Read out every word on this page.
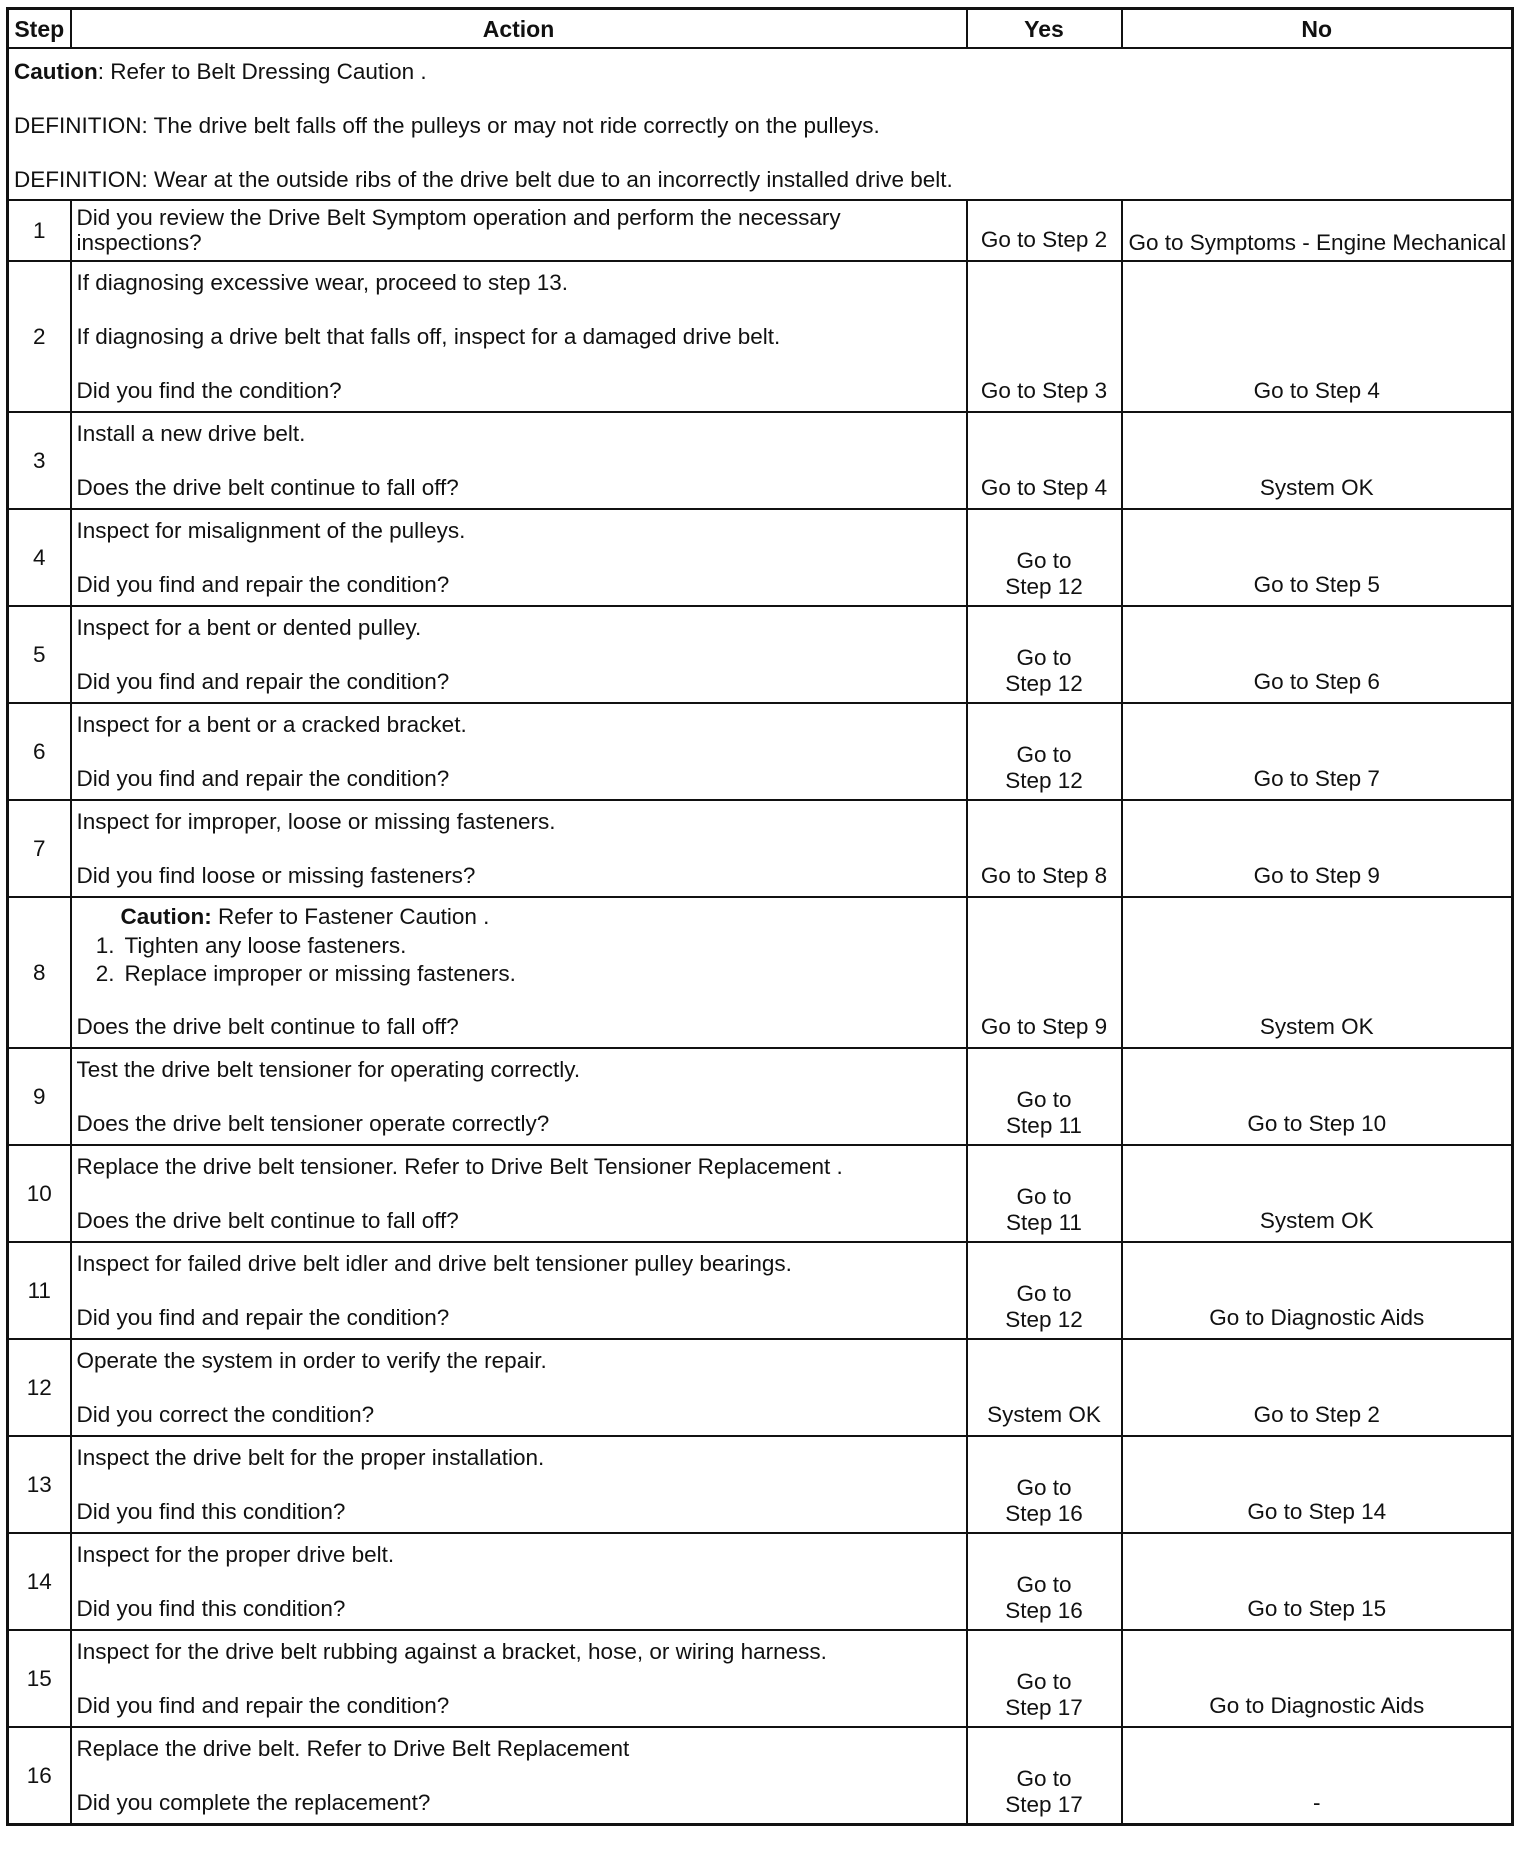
Step	Action	Yes	No

Caution: Refer to Belt Dressing Caution .

DEFINITION: The drive belt falls off the pulleys or may not ride correctly on the pulleys.

DEFINITION: Wear at the outside ribs of the drive belt due to an incorrectly installed drive belt.			

1	Did you review the Drive Belt Symptom operation and perform the necessary inspections?	Go to Step 2	Go to Symptoms - Engine Mechanical
2	If diagnosing excessive wear, proceed to step 13.
If diagnosing a drive belt that falls off, inspect for a damaged drive belt.
Did you find the condition?	Go to Step 3	Go to Step 4
3	Install a new drive belt.
Does the drive belt continue to fall off?	Go to Step 4	System OK
4	Inspect for misalignment of the pulleys.
Did you find and repair the condition?	Go to Step 12	Go to Step 5
5	Inspect for a bent or dented pulley.
Did you find and repair the condition?	Go to Step 12	Go to Step 6
6	Inspect for a bent or a cracked bracket.
Did you find and repair the condition?	Go to Step 12	Go to Step 7
7	Inspect for improper, loose or missing fasteners.
Did you find loose or missing fasteners?	Go to Step 8	Go to Step 9
8	Caution: Refer to Fastener Caution .
1. Tighten any loose fasteners.
2. Replace improper or missing fasteners.
Does the drive belt continue to fall off?	Go to Step 9	System OK
9	Test the drive belt tensioner for operating correctly.
Does the drive belt tensioner operate correctly?	Go to Step 11	Go to Step 10
10	Replace the drive belt tensioner. Refer to Drive Belt Tensioner Replacement .
Does the drive belt continue to fall off?	Go to Step 11	System OK
11	Inspect for failed drive belt idler and drive belt tensioner pulley bearings.
Did you find and repair the condition?	Go to Step 12	Go to Diagnostic Aids
12	Operate the system in order to verify the repair.
Did you correct the condition?	System OK	Go to Step 2
13	Inspect the drive belt for the proper installation.
Did you find this condition?	Go to Step 16	Go to Step 14
14	Inspect for the proper drive belt.
Did you find this condition?	Go to Step 16	Go to Step 15
15	Inspect for the drive belt rubbing against a bracket, hose, or wiring harness.
Did you find and repair the condition?	Go to Step 17	Go to Diagnostic Aids
16	Replace the drive belt. Refer to Drive Belt Replacement
Did you complete the replacement?	Go to Step 17	-
